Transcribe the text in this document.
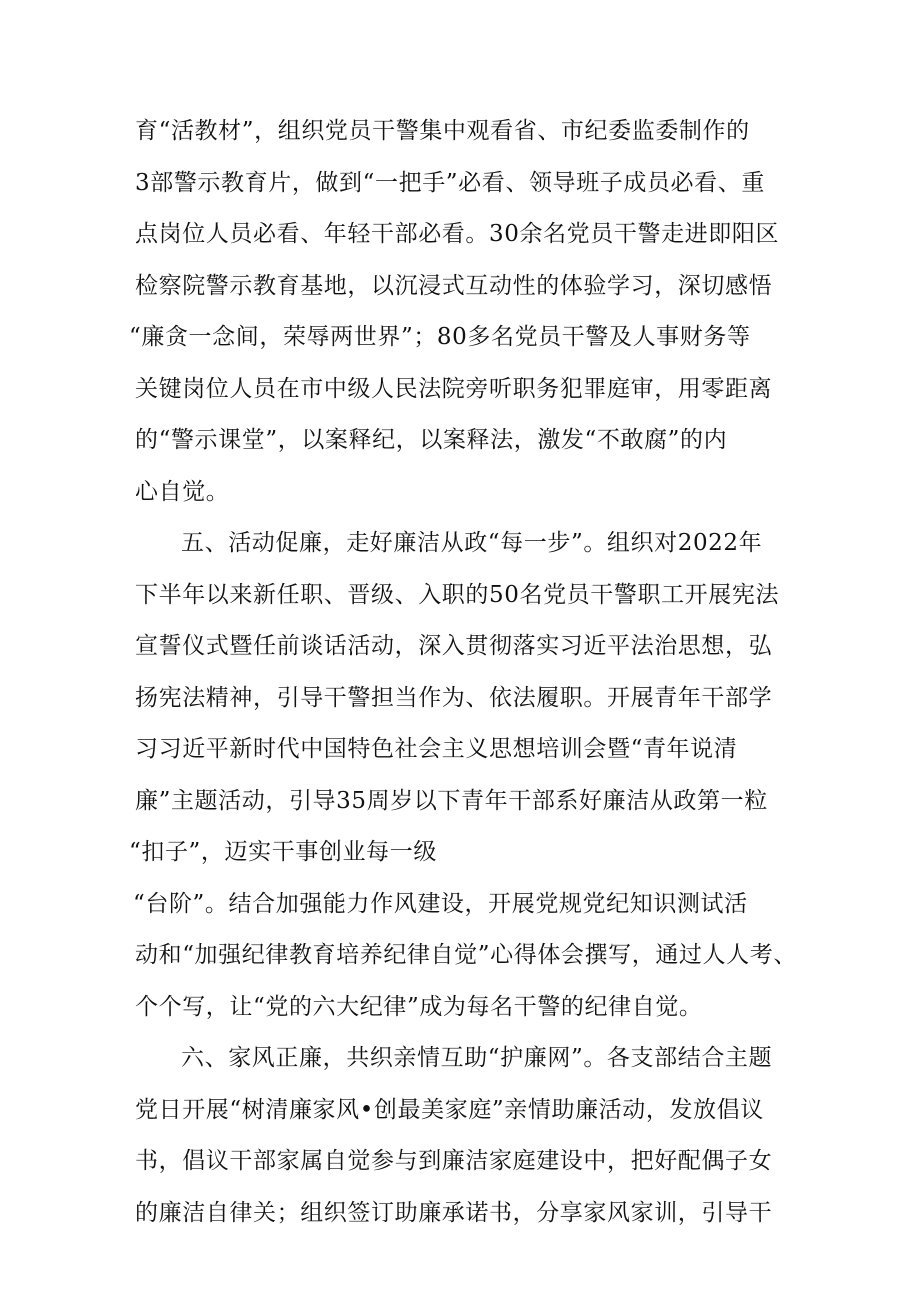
育“活教材”，组织党员干警集中观看省、市纪委监委制作的
3部警示教育片，做到“一把手”必看、领导班子成员必看、重
点岗位人员必看、年轻干部必看。30余名党员干警走进即阳区
检察院警示教育基地，以沉浸式互动性的体验学习，深切感悟
“廉贪一念间，荣辱两世界”；80多名党员干警及人事财务等
关键岗位人员在市中级人民法院旁听职务犯罪庭审，用零距离
的“警示课堂”，以案释纪，以案释法，激发“不敢腐”的内
心自觉。
五、活动促廉，走好廉洁从政“每一步”。组织对2022年
下半年以来新任职、晋级、入职的50名党员干警职工开展宪法
宣誓仪式暨任前谈话活动，深入贯彻落实习近平法治思想，弘
扬宪法精神，引导干警担当作为、依法履职。开展青年干部学
习习近平新时代中国特色社会主义思想培训会暨“青年说清
廉”主题活动，引导35周岁以下青年干部系好廉洁从政第一粒
“扣子”，迈实干事创业每一级
“台阶”。结合加强能力作风建设，开展党规党纪知识测试活
动和“加强纪律教育培养纪律自觉”心得体会撰写，通过人人考、
个个写，让“党的六大纪律”成为每名干警的纪律自觉。
六、家风正廉，共织亲情互助“护廉网”。各支部结合主题
党日开展“树清廉家风•创最美家庭”亲情助廉活动，发放倡议
书，倡议干部家属自觉参与到廉洁家庭建设中，把好配偶子女
的廉洁自律关；组织签订助廉承诺书，分享家风家训，引导干
